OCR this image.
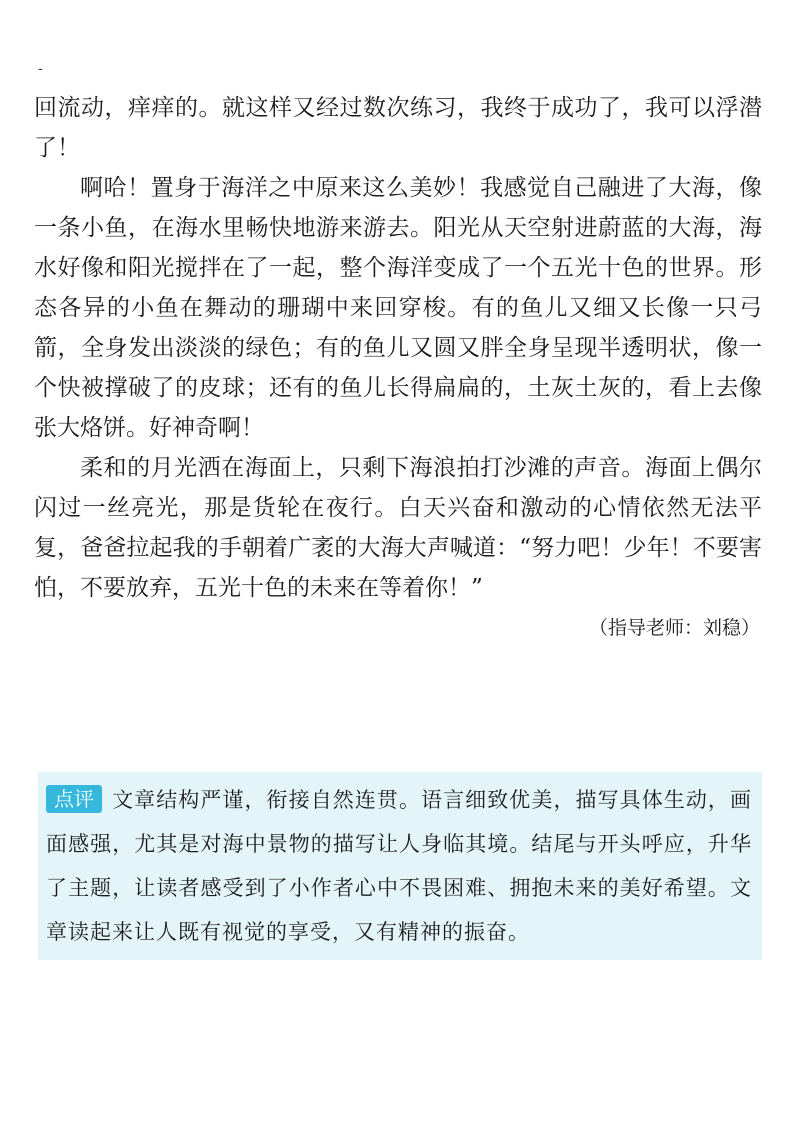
-

回流动，痒痒的。就这样又经过数次练习，我终于成功了，我可以浮潜了！

啊哈！置身于海洋之中原来这么美妙！我感觉自己融进了大海，像一条小鱼，在海水里畅快地游来游去。阳光从天空射进蔚蓝的大海，海水好像和阳光搅拌在了一起，整个海洋变成了一个五光十色的世界。形态各异的小鱼在舞动的珊瑚中来回穿梭。有的鱼儿又细又长像一只弓箭，全身发出淡淡的绿色；有的鱼儿又圆又胖全身呈现半透明状，像一个快被撑破了的皮球；还有的鱼儿长得扁扁的，土灰土灰的，看上去像张大烙饼。好神奇啊！

柔和的月光洒在海面上，只剩下海浪拍打沙滩的声音。海面上偶尔闪过一丝亮光，那是货轮在夜行。白天兴奋和激动的心情依然无法平复，爸爸拉起我的手朝着广袤的大海大声喊道：“努力吧！少年！不要害怕，不要放弃，五光十色的未来在等着你！”

（指导老师：刘稳）

点评 文章结构严谨，衔接自然连贯。语言细致优美，描写具体生动，画面感强，尤其是对海中景物的描写让人身临其境。结尾与开头呼应，升华了主题，让读者感受到了小作者心中不畏困难、拥抱未来的美好希望。文章读起来让人既有视觉的享受，又有精神的振奋。
